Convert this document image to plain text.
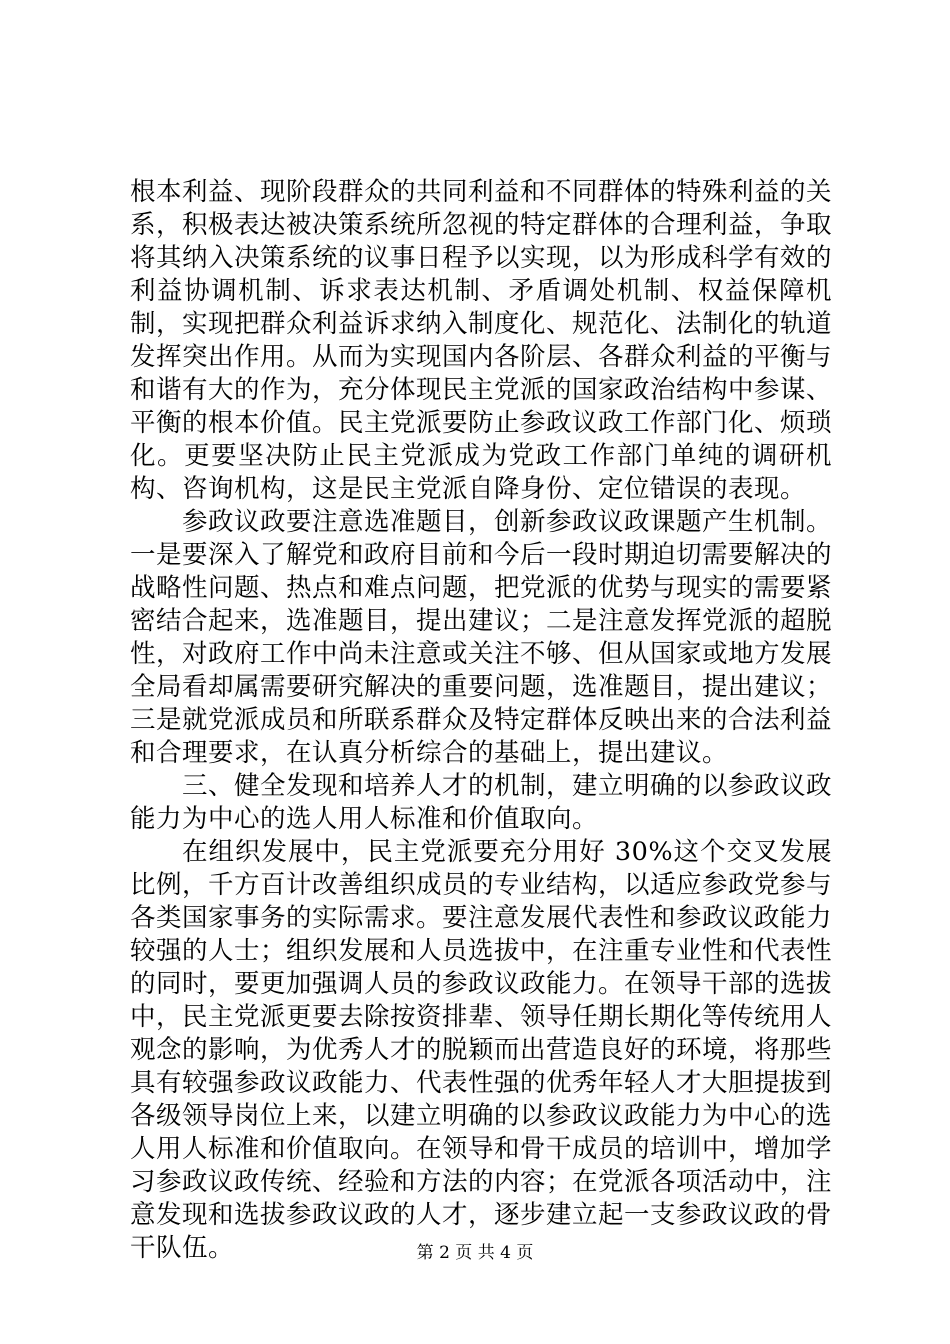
根本利益、现阶段群众的共同利益和不同群体的特殊利益的关系，积极表达被决策系统所忽视的特定群体的合理利益，争取将其纳入决策系统的议事日程予以实现，以为形成科学有效的利益协调机制、诉求表达机制、矛盾调处机制、权益保障机制，实现把群众利益诉求纳入制度化、规范化、法制化的轨道发挥突出作用。从而为实现国内各阶层、各群众利益的平衡与和谐有大的作为，充分体现民主党派的国家政治结构中参谋、平衡的根本价值。民主党派要防止参政议政工作部门化、烦琐化。更要坚决防止民主党派成为党政工作部门单纯的调研机构、咨询机构，这是民主党派自降身份、定位错误的表现。

参政议政要注意选准题目，创新参政议政课题产生机制。一是要深入了解党和政府目前和今后一段时期迫切需要解决的战略性问题、热点和难点问题，把党派的优势与现实的需要紧密结合起来，选准题目，提出建议；二是注意发挥党派的超脱性，对政府工作中尚未注意或关注不够、但从国家或地方发展全局看却属需要研究解决的重要问题，选准题目，提出建议；三是就党派成员和所联系群众及特定群体反映出来的合法利益和合理要求，在认真分析综合的基础上，提出建议。

三、健全发现和培养人才的机制，建立明确的以参政议政能力为中心的选人用人标准和价值取向。

在组织发展中，民主党派要充分用好 30%这个交叉发展比例，千方百计改善组织成员的专业结构，以适应参政党参与各类国家事务的实际需求。要注意发展代表性和参政议政能力较强的人士；组织发展和人员选拔中，在注重专业性和代表性的同时，要更加强调人员的参政议政能力。在领导干部的选拔中，民主党派更要去除按资排辈、领导任期长期化等传统用人观念的影响，为优秀人才的脱颖而出营造良好的环境，将那些具有较强参政议政能力、代表性强的优秀年轻人才大胆提拔到各级领导岗位上来，以建立明确的以参政议政能力为中心的选人用人标准和价值取向。在领导和骨干成员的培训中，增加学习参政议政传统、经验和方法的内容；在党派各项活动中，注意发现和选拔参政议政的人才，逐步建立起一支参政议政的骨干队伍。	第 2 页 共 4 页
